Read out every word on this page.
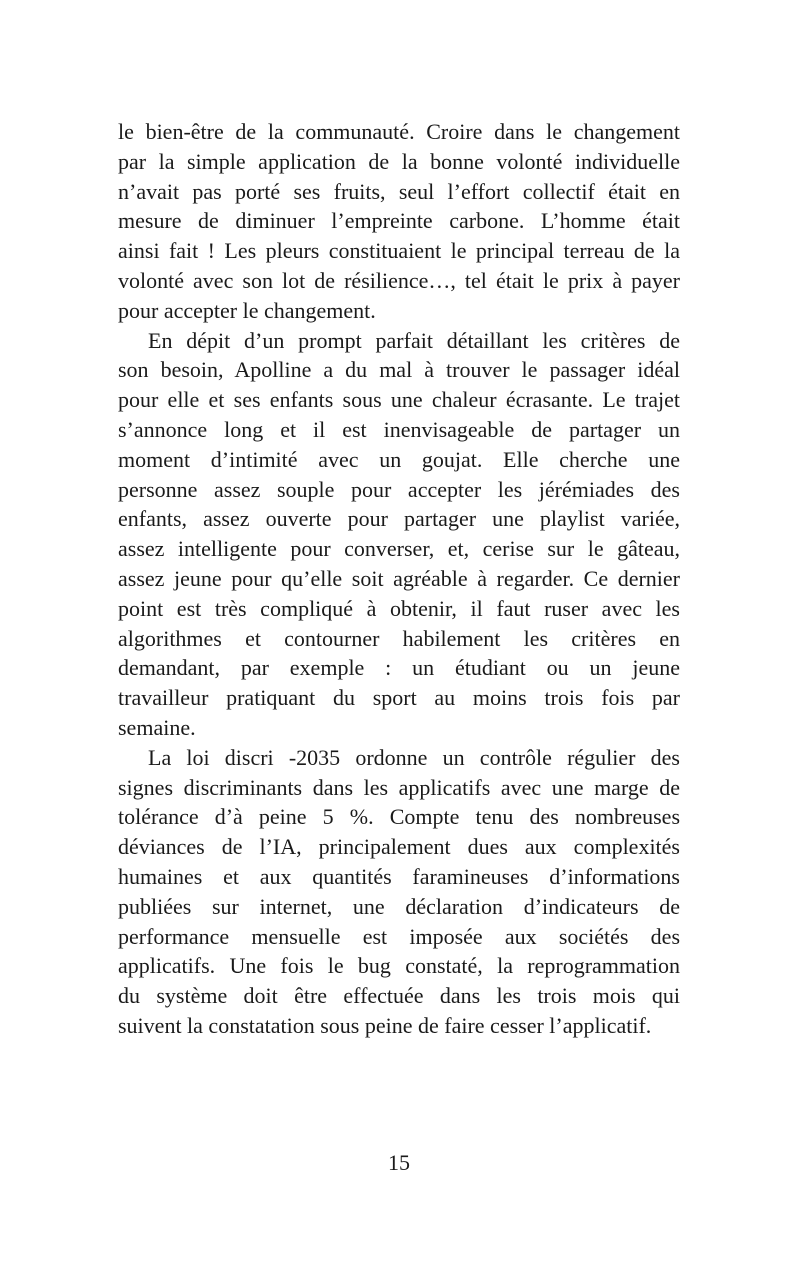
le bien-être de la communauté. Croire dans le changement
par la simple application de la bonne volonté individuelle
n’avait pas porté ses fruits, seul l’effort collectif était en
mesure de diminuer l’empreinte carbone. L’homme était
ainsi fait ! Les pleurs constituaient le principal terreau de la
volonté avec son lot de résilience…, tel était le prix à payer
pour accepter le changement.
En dépit d’un prompt parfait détaillant les critères de
son besoin, Apolline a du mal à trouver le passager idéal
pour elle et ses enfants sous une chaleur écrasante. Le trajet
s’annonce long et il est inenvisageable de partager un
moment d’intimité avec un goujat. Elle cherche une
personne assez souple pour accepter les jérémiades des
enfants, assez ouverte pour partager une playlist variée,
assez intelligente pour converser, et, cerise sur le gâteau,
assez jeune pour qu’elle soit agréable à regarder. Ce dernier
point est très compliqué à obtenir, il faut ruser avec les
algorithmes et contourner habilement les critères en
demandant, par exemple : un étudiant ou un jeune
travailleur pratiquant du sport au moins trois fois par
semaine.
La loi discri -2035 ordonne un contrôle régulier des
signes discriminants dans les applicatifs avec une marge de
tolérance d’à peine 5 %. Compte tenu des nombreuses
déviances de l’IA, principalement dues aux complexités
humaines et aux quantités faramineuses d’informations
publiées sur internet, une déclaration d’indicateurs de
performance mensuelle est imposée aux sociétés des
applicatifs. Une fois le bug constaté, la reprogrammation
du système doit être effectuée dans les trois mois qui
suivent la constatation sous peine de faire cesser l’applicatif.
15
